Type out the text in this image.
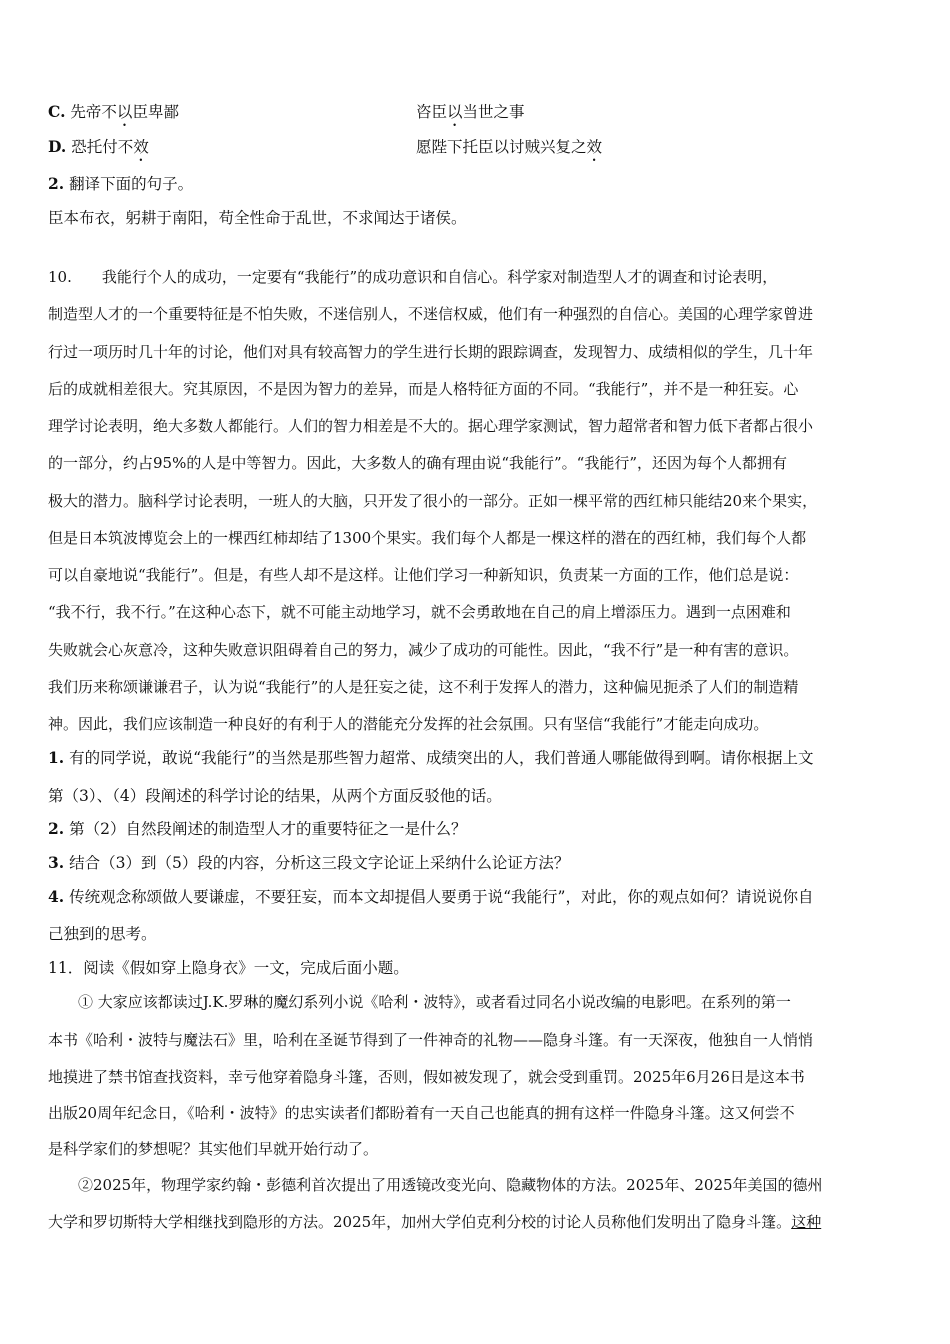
C. 先帝不以臣卑鄙	咨臣以当世之事
D. 恐托付不效	愿陛下托臣以讨贼兴复之效
2. 翻译下面的句子。
臣本布衣，躬耕于南阳，苟全性命于乱世，不求闻达于诸侯。
10.　　我能行个人的成功，一定要有“我能行”的成功意识和自信心。科学家对制造型人才的调查和讨论表明，
制造型人才的一个重要特征是不怕失败，不迷信别人，不迷信权威，他们有一种强烈的自信心。美国的心理学家曾进
行过一项历时几十年的讨论，他们对具有较高智力的学生进行长期的跟踪调查，发现智力、成绩相似的学生，几十年
后的成就相差很大。究其原因，不是因为智力的差异，而是人格特征方面的不同。“我能行”，并不是一种狂妄。心
理学讨论表明，绝大多数人都能行。人们的智力相差是不大的。据心理学家测试，智力超常者和智力低下者都占很小
的一部分，约占95%的人是中等智力。因此，大多数人的确有理由说“我能行”。“我能行”，还因为每个人都拥有
极大的潜力。脑科学讨论表明，一班人的大脑，只开发了很小的一部分。正如一棵平常的西红柿只能结20来个果实，
但是日本筑波博览会上的一棵西红柿却结了1300个果实。我们每个人都是一棵这样的潜在的西红柿，我们每个人都
可以自豪地说“我能行”。但是，有些人却不是这样。让他们学习一种新知识，负责某一方面的工作，他们总是说：
“我不行，我不行。”在这种心态下，就不可能主动地学习，就不会勇敢地在自己的肩上增添压力。遇到一点困难和
失败就会心灰意冷，这种失败意识阻碍着自己的努力，减少了成功的可能性。因此，“我不行”是一种有害的意识。
我们历来称颂谦谦君子，认为说“我能行”的人是狂妄之徒，这不利于发挥人的潜力，这种偏见扼杀了人们的制造精
神。因此，我们应该制造一种良好的有利于人的潜能充分发挥的社会氛围。只有坚信“我能行”才能走向成功。
1. 有的同学说，敢说“我能行”的当然是那些智力超常、成绩突出的人，我们普通人哪能做得到啊。请你根据上文
第（3）、（4）段阐述的科学讨论的结果，从两个方面反驳他的话。
2. 第（2）自然段阐述的制造型人才的重要特征之一是什么？
3. 结合（3）到（5）段的内容，分析这三段文字论证上采纳什么论证方法？
4. 传统观念称颂做人要谦虚，不要狂妄，而本文却提倡人要勇于说“我能行”，对此，你的观点如何？请说说你自
己独到的思考。
11．阅读《假如穿上隐身衣》一文，完成后面小题。
　　① 大家应该都读过J.K.罗琳的魔幻系列小说《哈利・波特》，或者看过同名小说改编的电影吧。在系列的第一
本书《哈利・波特与魔法石》里，哈利在圣诞节得到了一件神奇的礼物——隐身斗篷。有一天深夜，他独自一人悄悄
地摸进了禁书馆查找资料，幸亏他穿着隐身斗篷，否则，假如被发现了，就会受到重罚。2025年6月26日是这本书
出版20周年纪念日，《哈利・波特》的忠实读者们都盼着有一天自己也能真的拥有这样一件隐身斗篷。这又何尝不
是科学家们的梦想呢？其实他们早就开始行动了。
　　②2025年，物理学家约翰・彭德利首次提出了用透镜改变光向、隐藏物体的方法。2025年、2025年美国的德州
大学和罗切斯特大学相继找到隐形的方法。2025年，加州大学伯克利分校的讨论人员称他们发明出了隐身斗篷。这种
